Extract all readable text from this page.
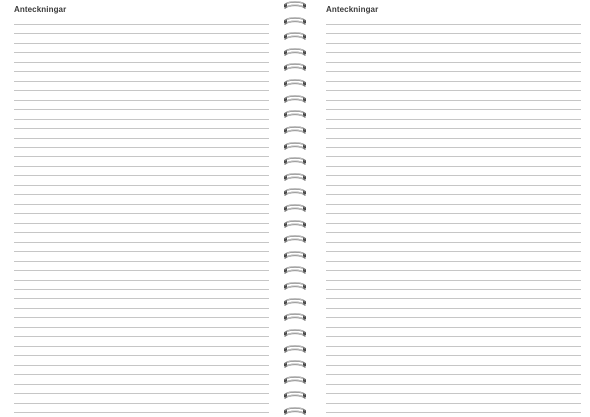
Anteckningar	Anteckningar
